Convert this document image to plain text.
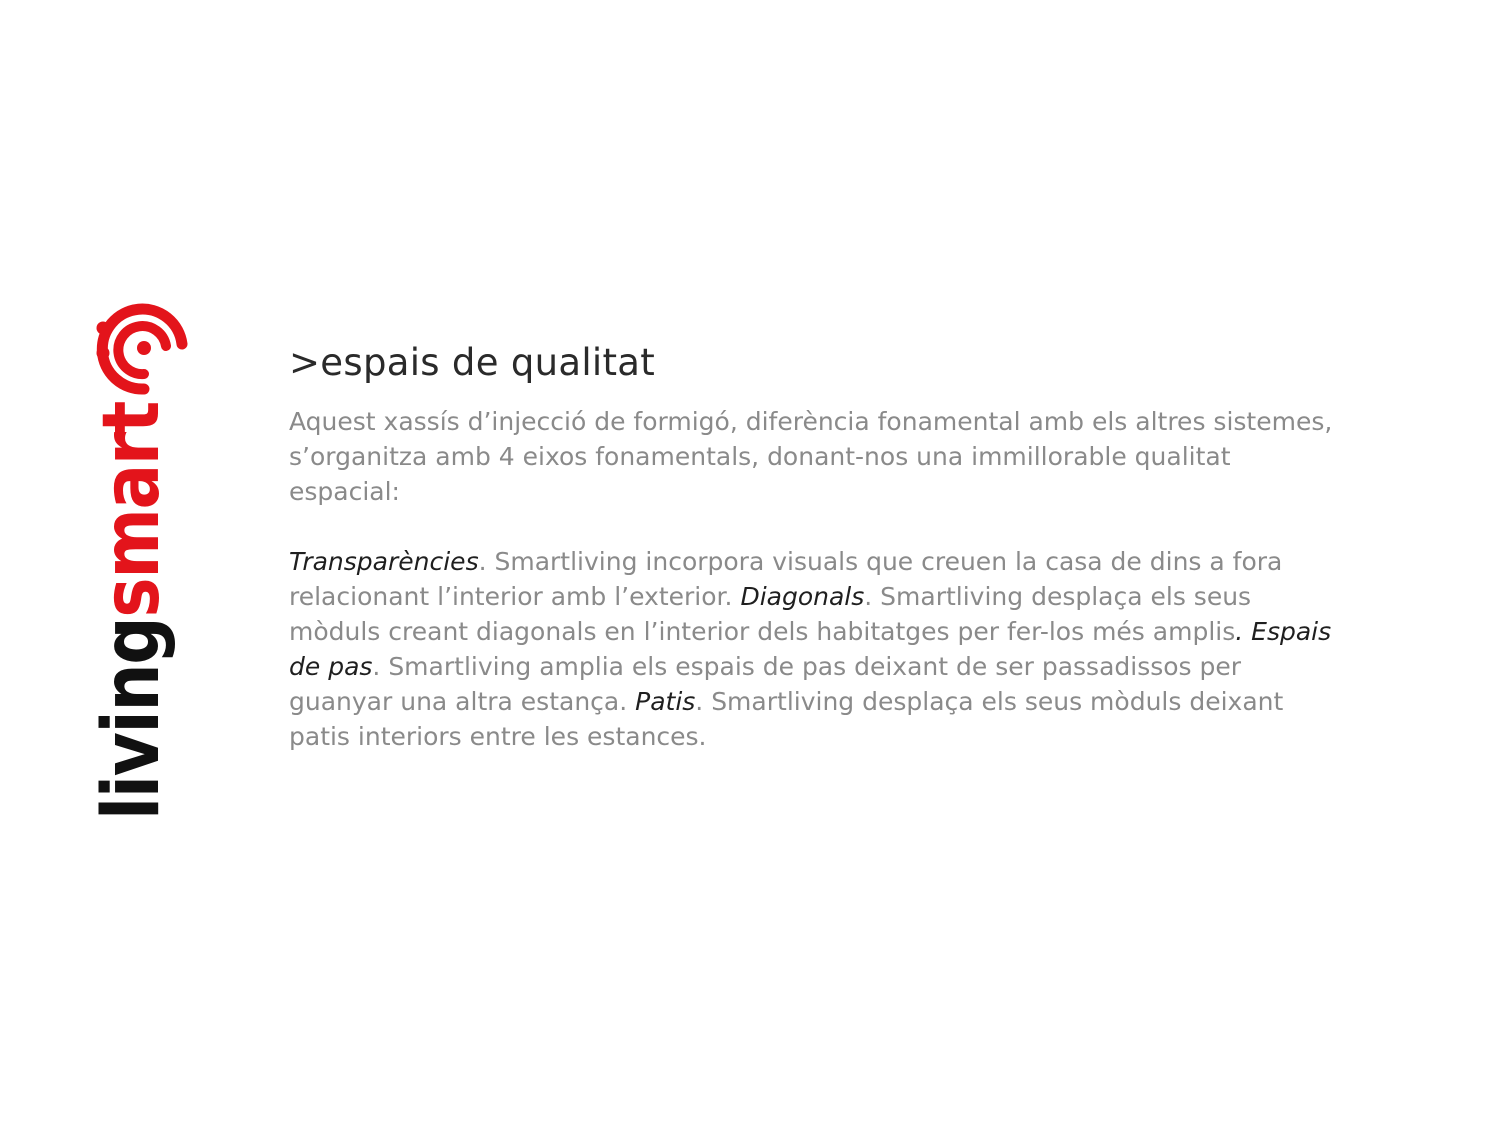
livingsmart
>espais de qualitat

Aquest xassís d’injecció de formigó, diferència fonamental amb els altres sistemes, s’organitza amb 4 eixos fonamentals, donant-nos una immillorable qualitat espacial:

Transparències. Smartliving incorpora visuals que creuen la casa de dins a fora relacionant l’interior amb l’exterior. Diagonals. Smartliving desplaça els seus mòduls creant diagonals en l’interior dels habitatges per fer-los més amplis. Espais de pas. Smartliving amplia els espais de pas deixant de ser passadissos per guanyar una altra estança. Patis. Smartliving desplaça els seus mòduls deixant patis interiors entre les estances.
